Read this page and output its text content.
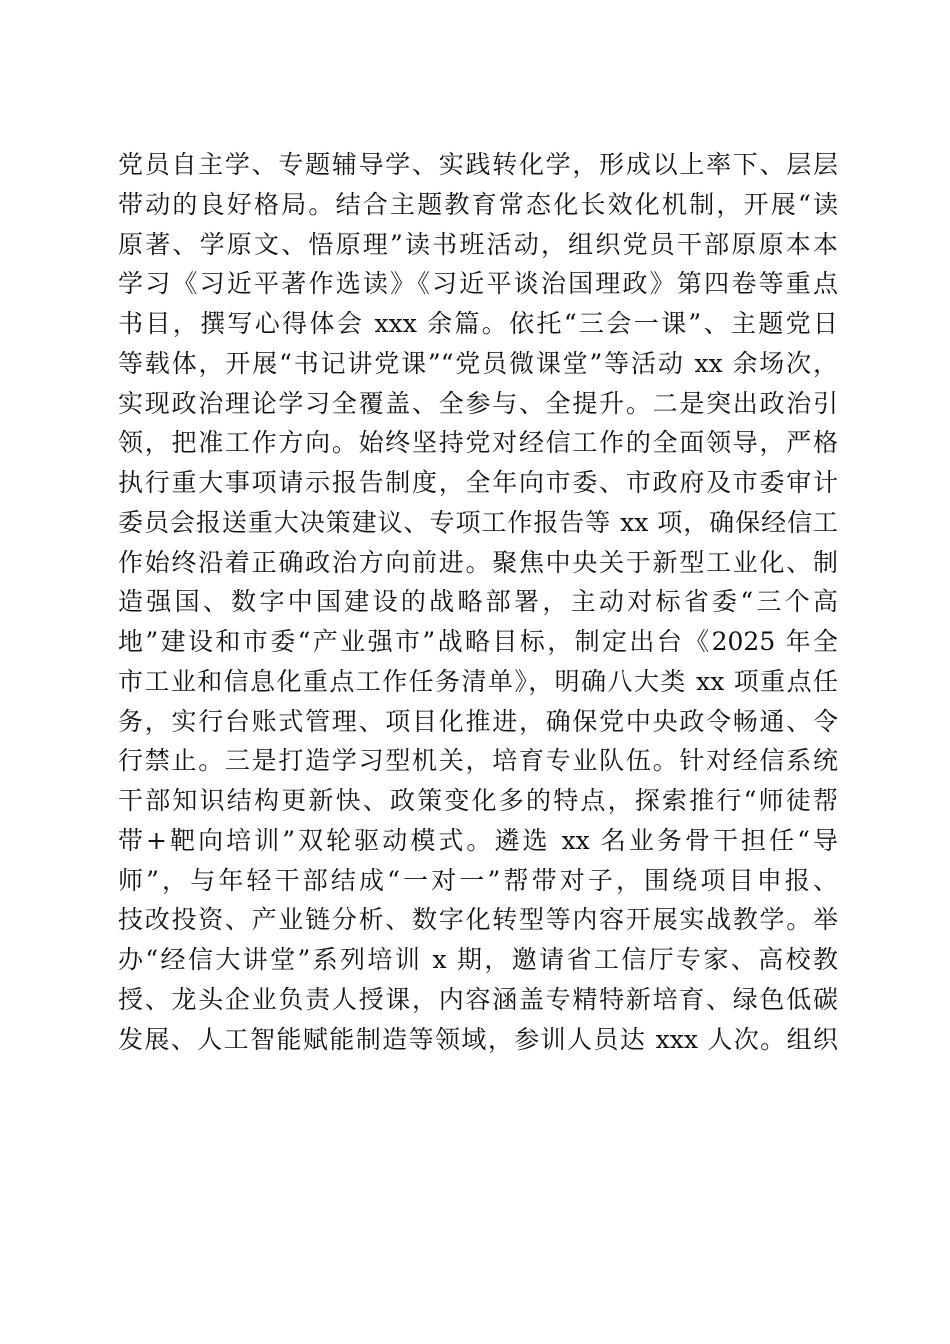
党员自主学、专题辅导学、实践转化学，形成以上率下、层层
带动的良好格局。结合主题教育常态化长效化机制，开展“读
原著、学原文、悟原理”读书班活动，组织党员干部原原本本
学习《习近平著作选读》《习近平谈治国理政》第四卷等重点
书目，撰写心得体会 xxx 余篇。依托“三会一课”、主题党日
等载体，开展“书记讲党课”“党员微课堂”等活动 xx 余场次，
实现政治理论学习全覆盖、全参与、全提升。二是突出政治引
领，把准工作方向。始终坚持党对经信工作的全面领导，严格
执行重大事项请示报告制度，全年向市委、市政府及市委审计
委员会报送重大决策建议、专项工作报告等 xx 项，确保经信工
作始终沿着正确政治方向前进。聚焦中央关于新型工业化、制
造强国、数字中国建设的战略部署，主动对标省委“三个高
地”建设和市委“产业强市”战略目标，制定出台《2025 年全
市工业和信息化重点工作任务清单》，明确八大类 xx 项重点任
务，实行台账式管理、项目化推进，确保党中央政令畅通、令
行禁止。三是打造学习型机关，培育专业队伍。针对经信系统
干部知识结构更新快、政策变化多的特点，探索推行“师徒帮
带+靶向培训”双轮驱动模式。遴选 xx 名业务骨干担任“导
师”，与年轻干部结成“一对一”帮带对子，围绕项目申报、
技改投资、产业链分析、数字化转型等内容开展实战教学。举
办“经信大讲堂”系列培训 x 期，邀请省工信厅专家、高校教
授、龙头企业负责人授课，内容涵盖专精特新培育、绿色低碳
发展、人工智能赋能制造等领域，参训人员达 xxx 人次。组织
